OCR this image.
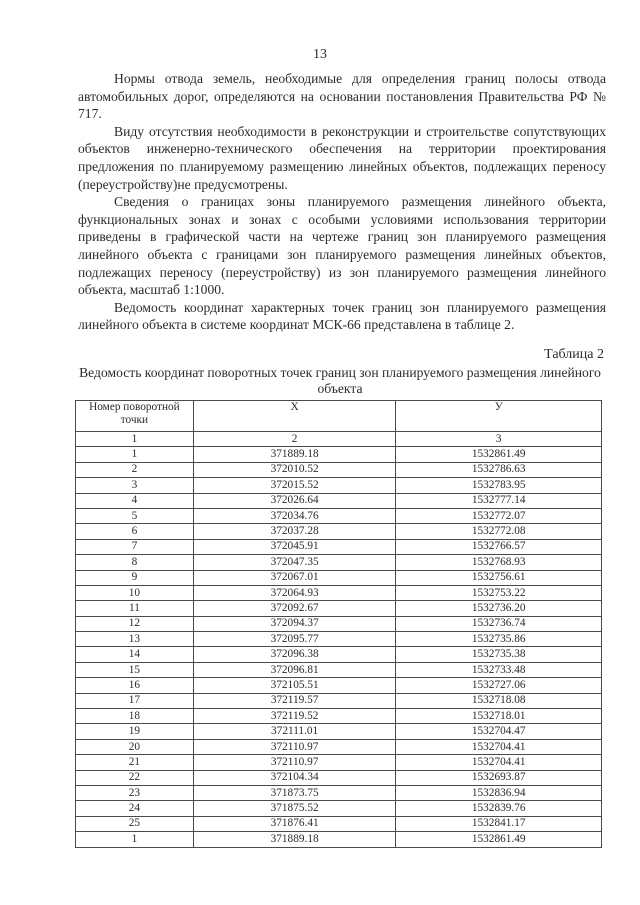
13

Нормы отвода земель, необходимые для определения границ полосы отвода автомобильных дорог, определяются на основании постановления Правительства РФ № 717.

Виду отсутствия необходимости в реконструкции и строительстве сопутствующих объектов инженерно-технического обеспечения на территории проектирования предложения по планируемому размещению линейных объектов, подлежащих переносу (переустройству)не предусмотрены.

Сведения о границах зоны планируемого размещения линейного объекта, функциональных зонах и зонах с особыми условиями использования территории приведены в графической части на чертеже границ зон планируемого размещения линейного объекта с границами зон планируемого размещения линейных объектов, подлежащих переносу (переустройству) из зон планируемого размещения линейного объекта, масштаб 1:1000.

Ведомость координат характерных точек границ зон планируемого размещения линейного объекта в системе координат МСК-66 представлена в таблице 2.

Таблица 2
Ведомость координат поворотных точек границ зон планируемого размещения линейного объекта
Номер поворотной точки	X	У
1	2	3
1	371889.18	1532861.49
2	372010.52	1532786.63
3	372015.52	1532783.95
4	372026.64	1532777.14
5	372034.76	1532772.07
6	372037.28	1532772.08
7	372045.91	1532766.57
8	372047.35	1532768.93
9	372067.01	1532756.61
10	372064.93	1532753.22
11	372092.67	1532736.20
12	372094.37	1532736.74
13	372095.77	1532735.86
14	372096.38	1532735.38
15	372096.81	1532733.48
16	372105.51	1532727.06
17	372119.57	1532718.08
18	372119.52	1532718.01
19	372111.01	1532704.47
20	372110.97	1532704.41
21	372110.97	1532704.41
22	372104.34	1532693.87
23	371873.75	1532836.94
24	371875.52	1532839.76
25	371876.41	1532841.17
1	371889.18	1532861.49
